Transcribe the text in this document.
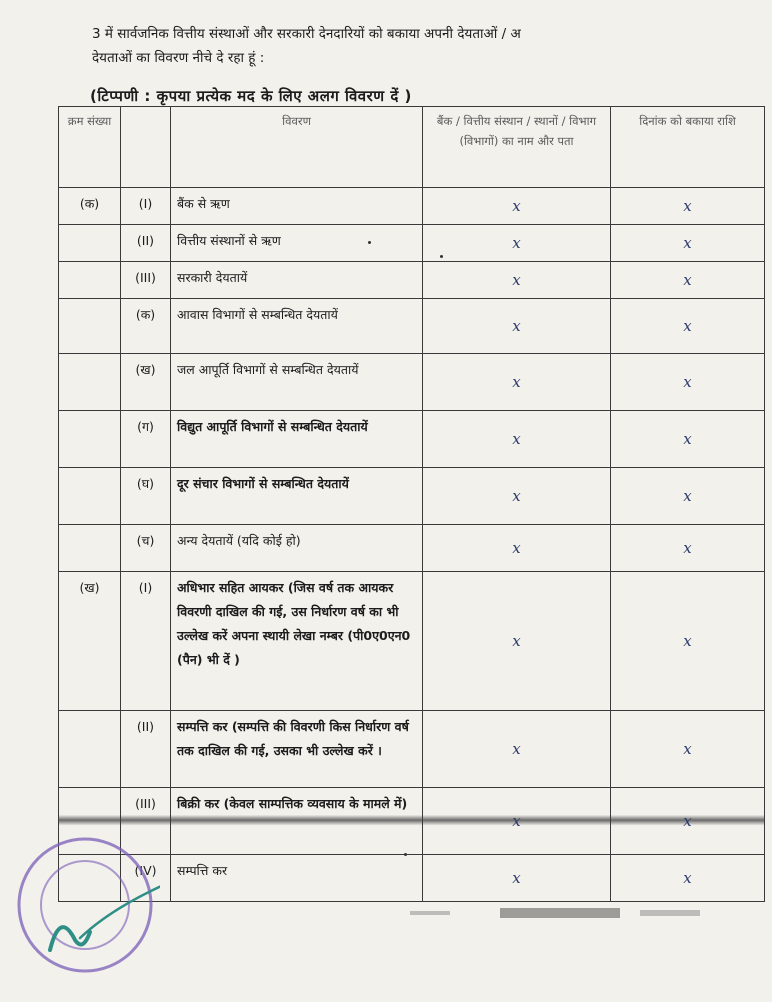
3 में सार्वजनिक वित्तीय संस्थाओं और सरकारी देनदारियों को बकाया अपनी देयताओं / अ
देयताओं का विवरण नीचे दे रहा हूं :
(टिप्पणी : कृपया प्रत्येक मद के लिए अलग विवरण दें )
क्रम संख्या		विवरण	बैंक / वित्तीय संस्थान / स्थानों / विभाग (विभागों) का नाम और पता	दिनांक को बकाया राशि
(क)	(I)	बैंक से ऋण	x	x
	(II)	वित्तीय संस्थानों से ऋण	x	x
	(III)	सरकारी देयतायें	x	x
	(क)	आवास विभागों से सम्बन्धित देयतायें	x	x
	(ख)	जल आपूर्ति विभागों से सम्बन्धित देयतायें	x	x
	(ग)	विद्युत आपूर्ति विभागों से सम्बन्धित देयतायें	x	x
	(घ)	दूर संचार विभागों से सम्बन्धित देयतायें	x	x
	(च)	अन्य देयतायें (यदि कोई हो)	x	x
(ख)	(I)	अधिभार सहित आयकर (जिस वर्ष तक आयकर विवरणी दाखिल की गई, उस निर्धारण वर्ष का भी उल्लेख करें अपना स्थायी लेखा नम्बर (पी0ए0एन0 (पैन) भी दें )	x	x
	(II)	सम्पत्ति कर (सम्पत्ति की विवरणी किस निर्धारण वर्ष तक दाखिल की गई, उसका भी उल्लेख करें ।	x	x
	(III)	बिक्री कर (केवल साम्पत्तिक व्यवसाय के मामले में)	x	x
	(IV)	सम्पत्ति कर	x	x
